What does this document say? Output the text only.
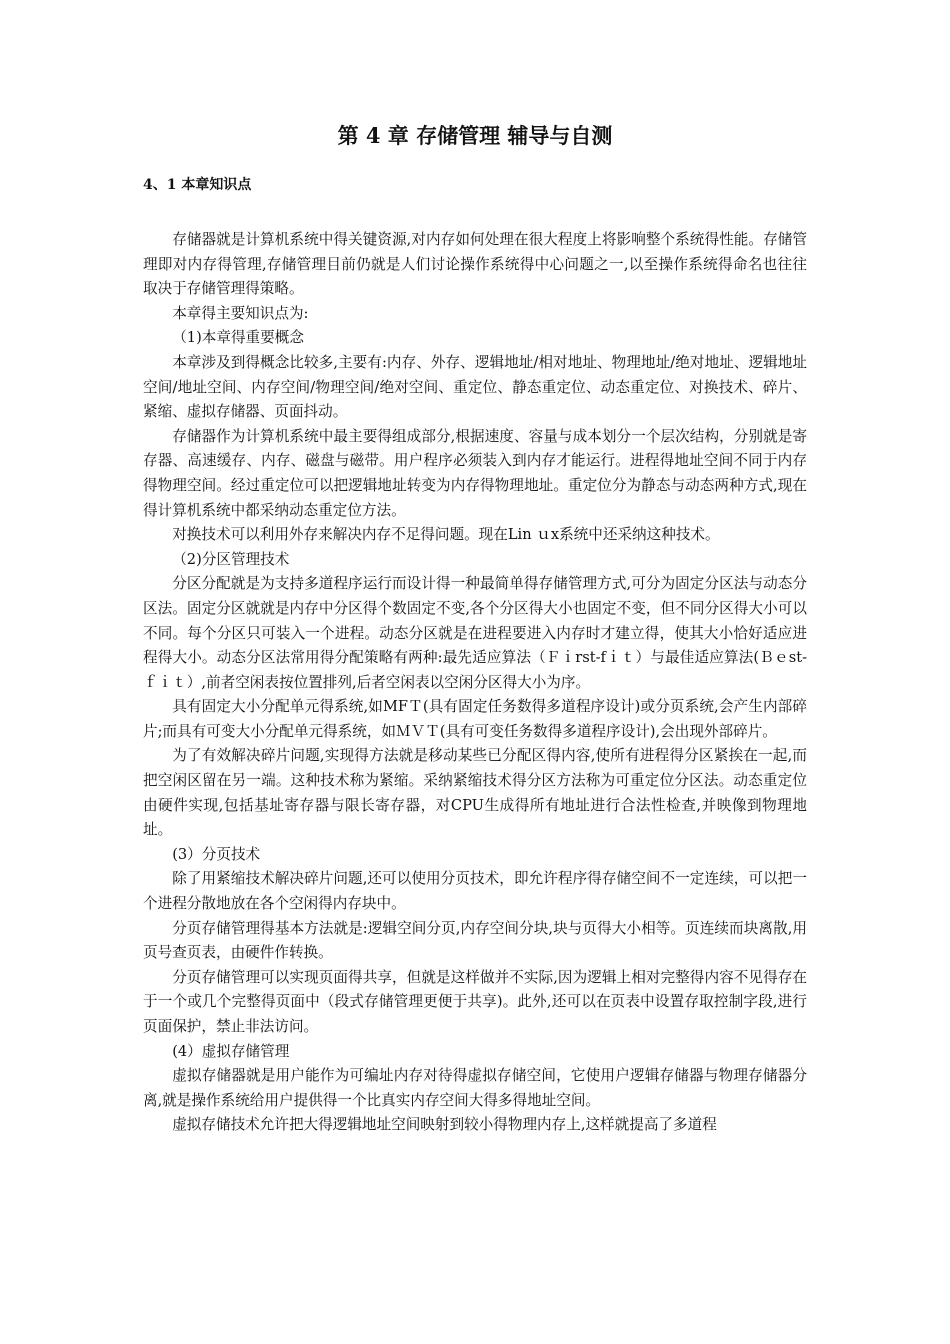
第 4 章 存储管理 辅导与自测
4、1 本章知识点

存储器就是计算机系统中得关键资源,对内存如何处理在很大程度上将影响整个系统得性能。存储管理即对内存得管理,存储管理目前仍就是人们讨论操作系统得中心问题之一,以至操作系统得命名也往往取决于存储管理得策略。

本章得主要知识点为:

（1)本章得重要概念

本章涉及到得概念比较多,主要有:内存、外存、逻辑地址/相对地址、物理地址/绝对地址、逻辑地址空间/地址空间、内存空间/物理空间/绝对空间、重定位、静态重定位、动态重定位、对换技术、碎片、紧缩、虚拟存储器、页面抖动。

存储器作为计算机系统中最主要得组成部分,根据速度、容量与成本划分一个层次结构，分别就是寄存器、高速缓存、内存、磁盘与磁带。用户程序必须装入到内存才能运行。进程得地址空间不同于内存得物理空间。经过重定位可以把逻辑地址转变为内存得物理地址。重定位分为静态与动态两种方式,现在得计算机系统中都采纳动态重定位方法。

对换技术可以利用外存来解决内存不足得问题。现在Lin ｕx系统中还采纳这种技术。

（2)分区管理技术

分区分配就是为支持多道程序运行而设计得一种最简单得存储管理方式,可分为固定分区法与动态分区法。固定分区就就是内存中分区得个数固定不变,各个分区得大小也固定不变，但不同分区得大小可以不同。每个分区只可装入一个进程。动态分区就是在进程要进入内存时才建立得，使其大小恰好适应进程得大小。动态分区法常用得分配策略有两种:最先适应算法（Ｆｉrst-fｉｔ）与最佳适应算法(Ｂｅst-ｆｉｔ）,前者空闲表按位置排列,后者空闲表以空闲分区得大小为序。

具有固定大小分配单元得系统,如MFＴ(具有固定任务数得多道程序设计)或分页系统,会产生内部碎片;而具有可变大小分配单元得系统，如ＭＶＴ(具有可变任务数得多道程序设计),会出现外部碎片。

为了有效解决碎片问题,实现得方法就是移动某些已分配区得内容,使所有进程得分区紧挨在一起,而把空闲区留在另一端。这种技术称为紧缩。采纳紧缩技术得分区方法称为可重定位分区法。动态重定位由硬件实现,包括基址寄存器与限长寄存器，对CPU生成得所有地址进行合法性检查,并映像到物理地址。

(3）分页技术

除了用紧缩技术解决碎片问题,还可以使用分页技术，即允许程序得存储空间不一定连续，可以把一个进程分散地放在各个空闲得内存块中。

分页存储管理得基本方法就是:逻辑空间分页,内存空间分块,块与页得大小相等。页连续而块离散,用页号查页表，由硬件作转换。

分页存储管理可以实现页面得共享，但就是这样做并不实际,因为逻辑上相对完整得内容不见得存在于一个或几个完整得页面中（段式存储管理更便于共享)。此外,还可以在页表中设置存取控制字段,进行页面保护，禁止非法访问。

(4）虚拟存储管理

虚拟存储器就是用户能作为可编址内存对待得虚拟存储空间，它使用户逻辑存储器与物理存储器分离,就是操作系统给用户提供得一个比真实内存空间大得多得地址空间。

虚拟存储技术允许把大得逻辑地址空间映射到较小得物理内存上,这样就提高了多道程
